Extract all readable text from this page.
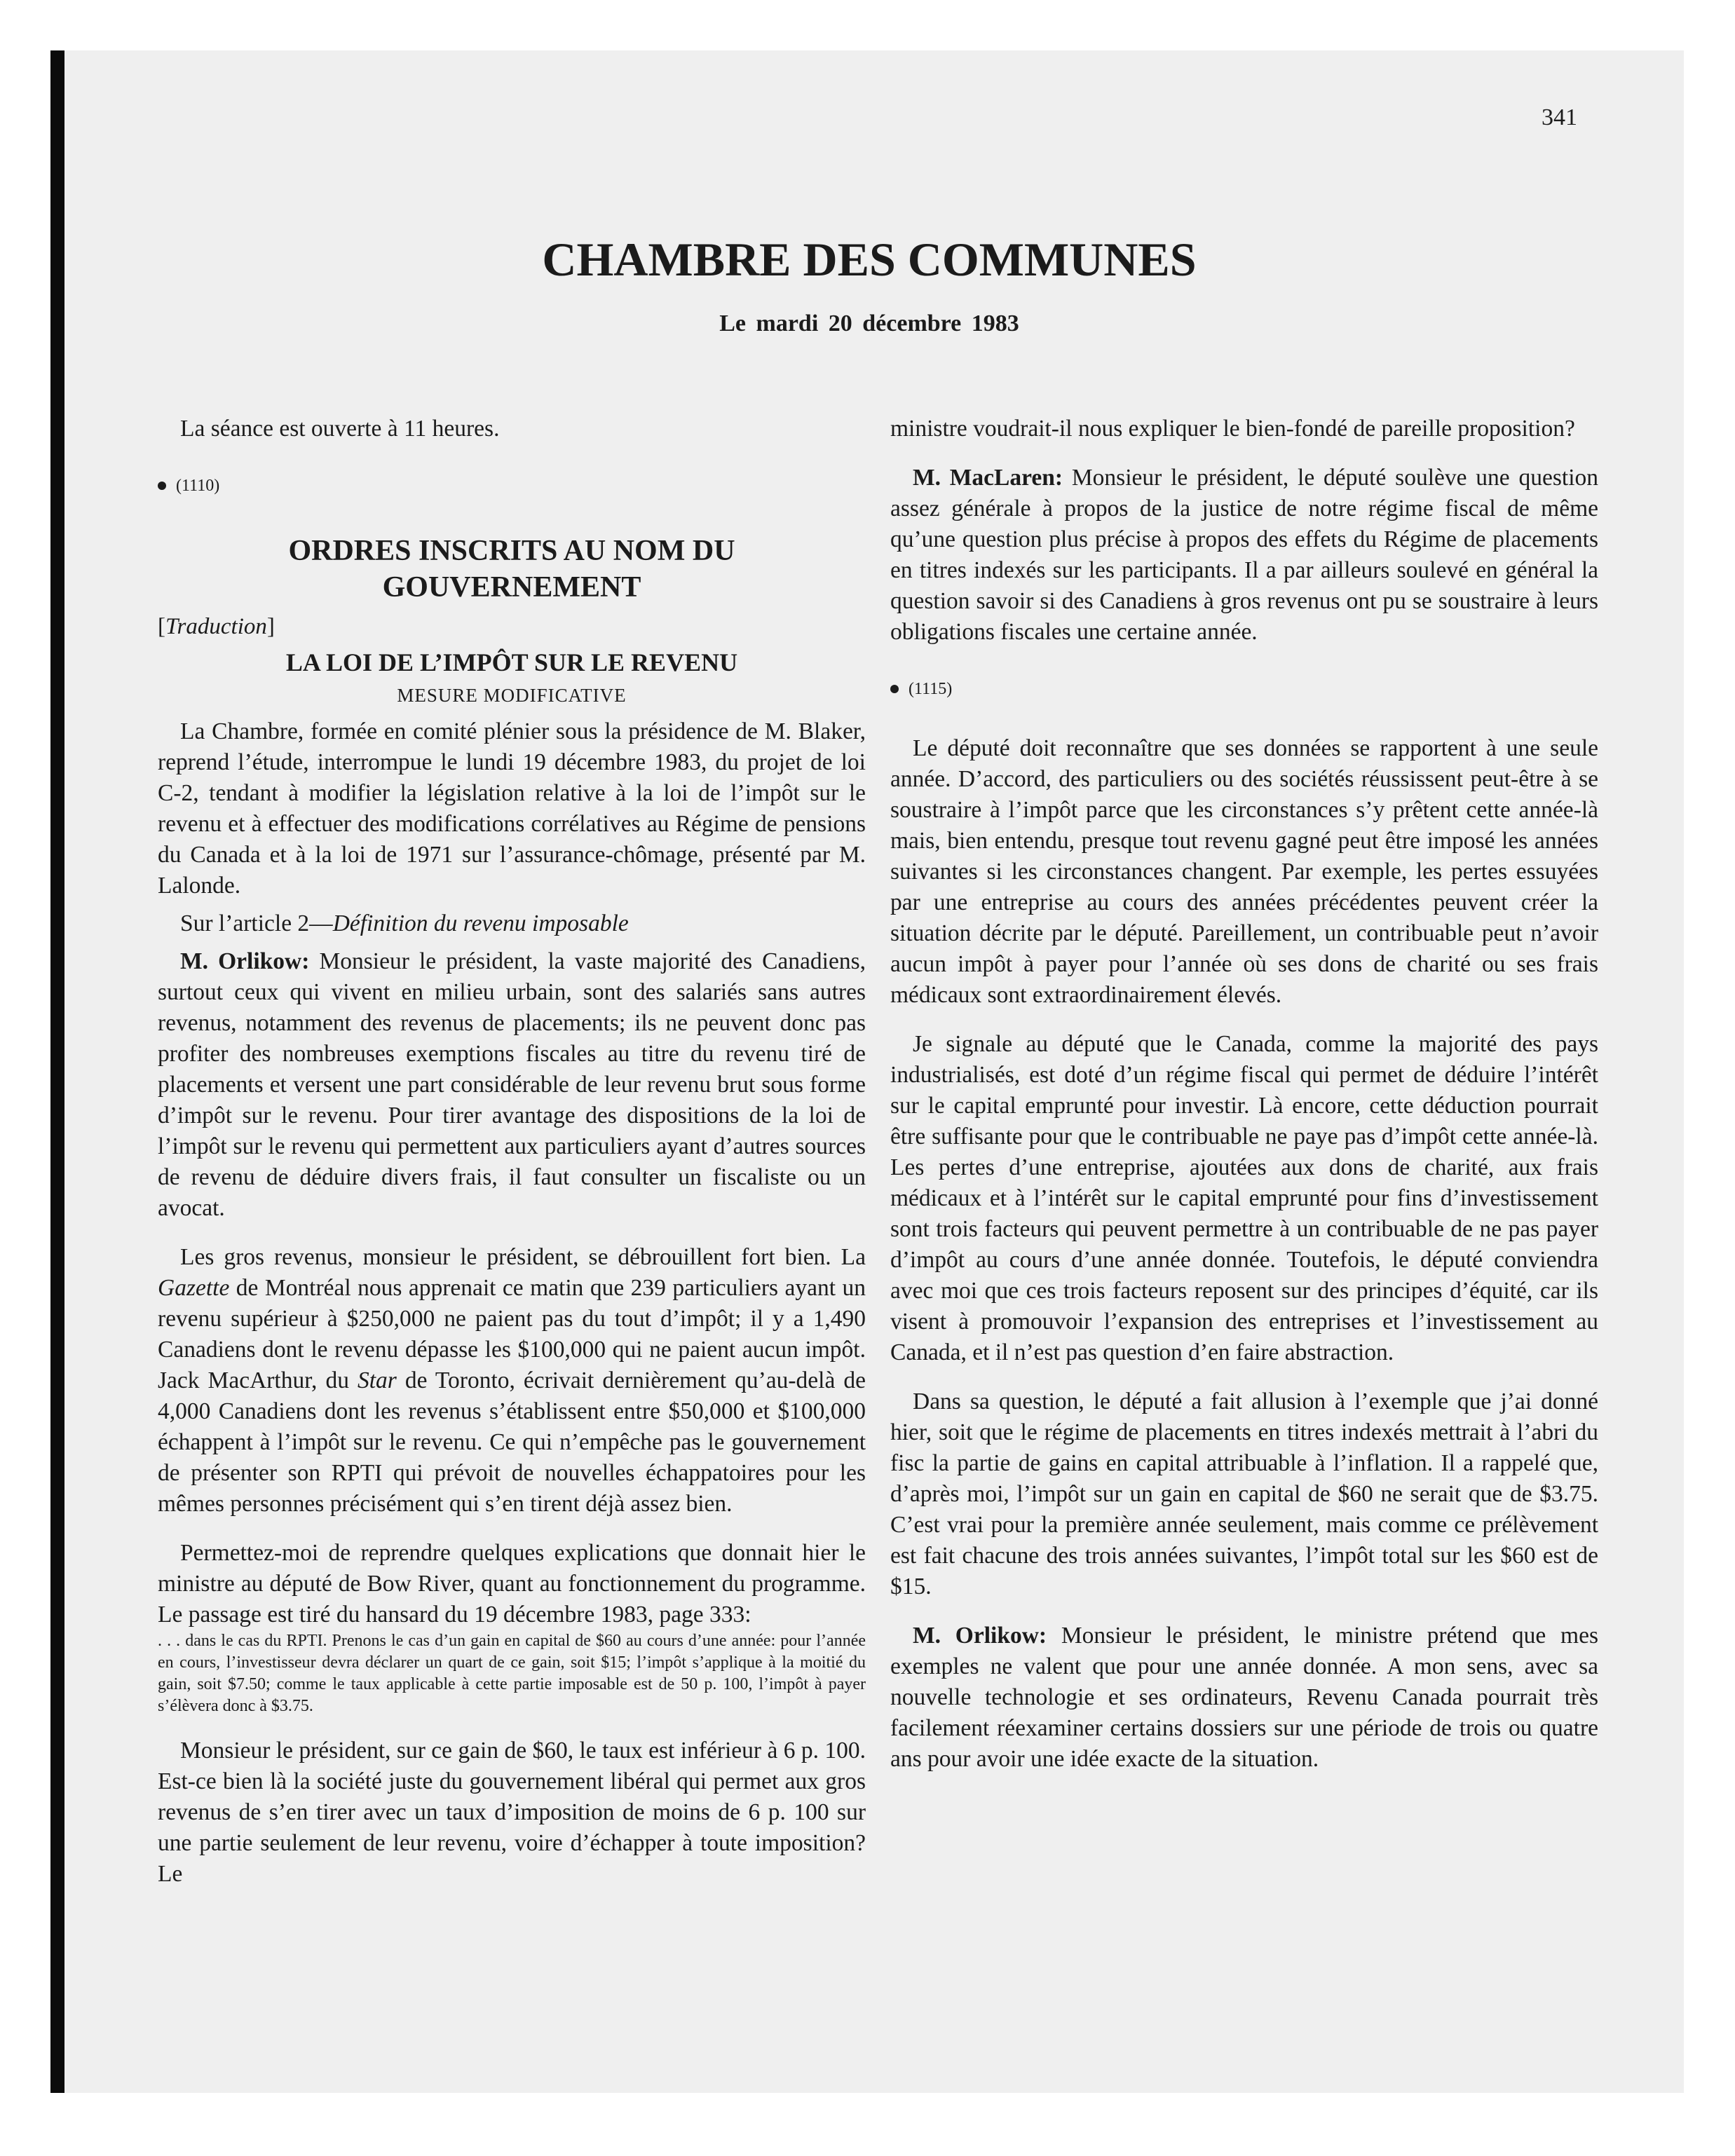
341
CHAMBRE DES COMMUNES
Le mardi 20 décembre 1983

La séance est ouverte à 11 heures.

(1110)
ORDRES INSCRITS AU NOM DU GOUVERNEMENT
[Traduction]
LA LOI DE L’IMPÔT SUR LE REVENU
MESURE MODIFICATIVE

La Chambre, formée en comité plénier sous la présidence de M. Blaker, reprend l’étude, interrompue le lundi 19 décembre 1983, du projet de loi C-2, tendant à modifier la législation relative à la loi de l’impôt sur le revenu et à effectuer des modifications corrélatives au Régime de pensions du Canada et à la loi de 1971 sur l’assurance-chômage, présenté par M. Lalonde.

Sur l’article 2—Définition du revenu imposable

M. Orlikow: Monsieur le président, la vaste majorité des Canadiens, surtout ceux qui vivent en milieu urbain, sont des salariés sans autres revenus, notamment des revenus de placements; ils ne peuvent donc pas profiter des nombreuses exemptions fiscales au titre du revenu tiré de placements et versent une part considérable de leur revenu brut sous forme d’impôt sur le revenu. Pour tirer avantage des dispositions de la loi de l’impôt sur le revenu qui permettent aux particuliers ayant d’autres sources de revenu de déduire divers frais, il faut consulter un fiscaliste ou un avocat.

Les gros revenus, monsieur le président, se débrouillent fort bien. La Gazette de Montréal nous apprenait ce matin que 239 particuliers ayant un revenu supérieur à $250,000 ne paient pas du tout d’impôt; il y a 1,490 Canadiens dont le revenu dépasse les $100,000 qui ne paient aucun impôt. Jack MacArthur, du Star de Toronto, écrivait dernièrement qu’au-delà de 4,000 Canadiens dont les revenus s’établissent entre $50,000 et $100,000 échappent à l’impôt sur le revenu. Ce qui n’empêche pas le gouvernement de présenter son RPTI qui prévoit de nouvelles échappatoires pour les mêmes personnes précisément qui s’en tirent déjà assez bien.

Permettez-moi de reprendre quelques explications que donnait hier le ministre au député de Bow River, quant au fonctionnement du programme. Le passage est tiré du hansard du 19 décembre 1983, page 333:

. . . dans le cas du RPTI. Prenons le cas d’un gain en capital de $60 au cours d’une année: pour l’année en cours, l’investisseur devra déclarer un quart de ce gain, soit $15; l’impôt s’applique à la moitié du gain, soit $7.50; comme le taux applicable à cette partie imposable est de 50 p. 100, l’impôt à payer s’élèvera donc à $3.75.

Monsieur le président, sur ce gain de $60, le taux est inférieur à 6 p. 100. Est-ce bien là la société juste du gouvernement libéral qui permet aux gros revenus de s’en tirer avec un taux d’imposition de moins de 6 p. 100 sur une partie seulement de leur revenu, voire d’échapper à toute imposition? Le

ministre voudrait-il nous expliquer le bien-fondé de pareille proposition?

M. MacLaren: Monsieur le président, le député soulève une question assez générale à propos de la justice de notre régime fiscal de même qu’une question plus précise à propos des effets du Régime de placements en titres indexés sur les participants. Il a par ailleurs soulevé en général la question savoir si des Canadiens à gros revenus ont pu se soustraire à leurs obligations fiscales une certaine année.

(1115)

Le député doit reconnaître que ses données se rapportent à une seule année. D’accord, des particuliers ou des sociétés réussissent peut-être à se soustraire à l’impôt parce que les circonstances s’y prêtent cette année-là mais, bien entendu, presque tout revenu gagné peut être imposé les années suivantes si les circonstances changent. Par exemple, les pertes essuyées par une entreprise au cours des années précédentes peuvent créer la situation décrite par le député. Pareillement, un contribuable peut n’avoir aucun impôt à payer pour l’année où ses dons de charité ou ses frais médicaux sont extraordinairement élevés.

Je signale au député que le Canada, comme la majorité des pays industrialisés, est doté d’un régime fiscal qui permet de déduire l’intérêt sur le capital emprunté pour investir. Là encore, cette déduction pourrait être suffisante pour que le contribuable ne paye pas d’impôt cette année-là. Les pertes d’une entreprise, ajoutées aux dons de charité, aux frais médicaux et à l’intérêt sur le capital emprunté pour fins d’investissement sont trois facteurs qui peuvent permettre à un contribuable de ne pas payer d’impôt au cours d’une année donnée. Toutefois, le député conviendra avec moi que ces trois facteurs reposent sur des principes d’équité, car ils visent à promouvoir l’expansion des entreprises et l’investissement au Canada, et il n’est pas question d’en faire abstraction.

Dans sa question, le député a fait allusion à l’exemple que j’ai donné hier, soit que le régime de placements en titres indexés mettrait à l’abri du fisc la partie de gains en capital attribuable à l’inflation. Il a rappelé que, d’après moi, l’impôt sur un gain en capital de $60 ne serait que de $3.75. C’est vrai pour la première année seulement, mais comme ce prélèvement est fait chacune des trois années suivantes, l’impôt total sur les $60 est de $15.

M. Orlikow: Monsieur le président, le ministre prétend que mes exemples ne valent que pour une année donnée. A mon sens, avec sa nouvelle technologie et ses ordinateurs, Revenu Canada pourrait très facilement réexaminer certains dossiers sur une période de trois ou quatre ans pour avoir une idée exacte de la situation.
